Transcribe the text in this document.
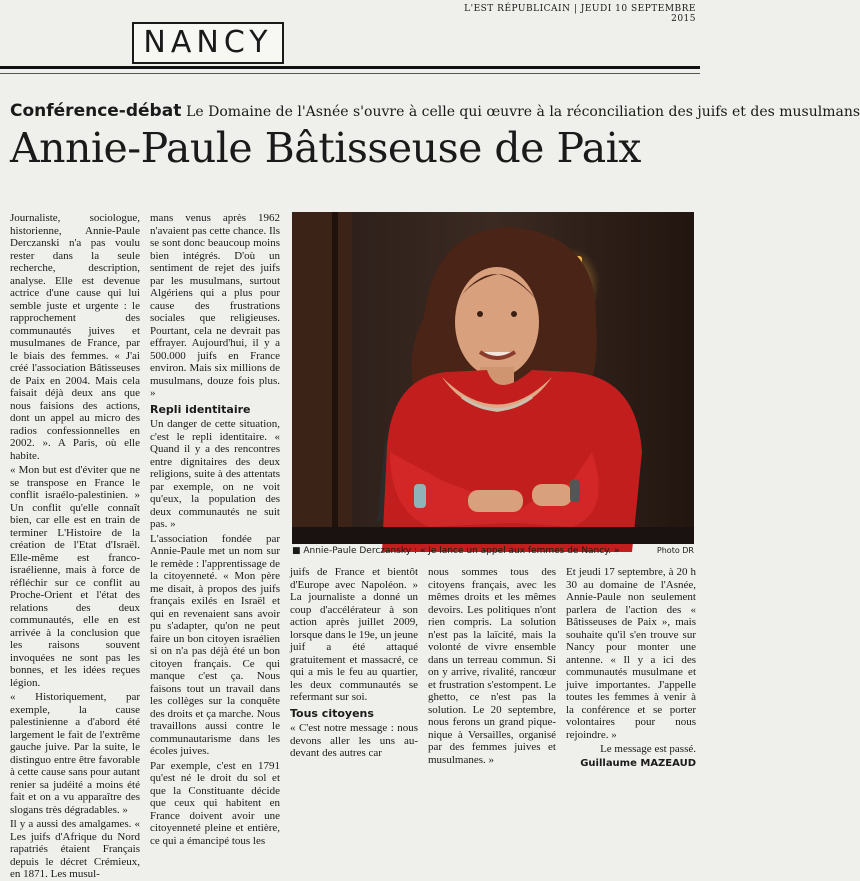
L'EST RÉPUBLICAIN | JEUDI 10 SEPTEMBRE 2015
NANCY
Conférence-débat Le Domaine de l'Asnée s'ouvre à celle qui œuvre à la réconciliation des juifs et des musulmans
Annie-Paule Bâtisseuse de Paix

Journaliste, sociologue, historienne, Annie-Paule Derczanski n'a pas voulu rester dans la seule recherche, description, analyse. Elle est devenue actrice d'une cause qui lui semble juste et urgente : le rapprochement des communautés juives et musulmanes de France, par le biais des femmes. « J'ai créé l'association Bâtisseuses de Paix en 2004. Mais cela faisait déjà deux ans que nous faisions des actions, dont un appel au micro des radios confessionnelles en 2002. ». A Paris, où elle habite.

« Mon but est d'éviter que ne se transpose en France le conflit israélo-palestinien. » Un conflit qu'elle connaît bien, car elle est en train de terminer L'Histoire de la création de l'Etat d'Israël. Elle-même est franco-israélienne, mais à force de réfléchir sur ce conflit au Proche-Orient et l'état des relations des deux communautés, elle en est arrivée à la conclusion que les raisons souvent invoquées ne sont pas les bonnes, et les idées reçues légion.

« Historiquement, par exemple, la cause palestinienne a d'abord été largement le fait de l'extrême gauche juive. Par la suite, le distinguo entre être favorable à cette cause sans pour autant renier sa judéité a moins été fait et on a vu apparaître des slogans très dégradables. »

Il y a aussi des amalgames. « Les juifs d'Afrique du Nord rapatriés étaient Français depuis le décret Crémieux, en 1871. Les musul-

mans venus après 1962 n'avaient pas cette chance. Ils se sont donc beaucoup moins bien intégrés. D'où un sentiment de rejet des juifs par les musulmans, surtout Algériens qui a plus pour cause des frustrations sociales que religieuses. Pourtant, cela ne devrait pas effrayer. Aujourd'hui, il y a 500.000 juifs en France environ. Mais six millions de musulmans, douze fois plus. »

Repli identitaire

Un danger de cette situation, c'est le repli identitaire. « Quand il y a des rencontres entre dignitaires des deux religions, suite à des attentats par exemple, on ne voit qu'eux, la population des deux communautés ne suit pas. »

L'association fondée par Annie-Paule met un nom sur le remède : l'apprentissage de la citoyenneté. « Mon père me disait, à propos des juifs français exilés en Israël et qui en revenaient sans avoir pu s'adapter, qu'on ne peut faire un bon citoyen israélien si on n'a pas déjà été un bon citoyen français. Ce qui manque c'est ça. Nous faisons tout un travail dans les collèges sur la conquête des droits et ça marche. Nous travaillons aussi contre le communautarisme dans les écoles juives.

Par exemple, c'est en 1791 qu'est né le droit du sol et que la Constituante décide que ceux qui habitent en France doivent avoir une citoyenneté pleine et entière, ce qui a émancipé tous les

■ Annie-Paule Derczansky : « Je lance un appel aux femmes de Nancy. »	Photo DR

juifs de France et bientôt d'Europe avec Napoléon. » La journaliste a donné un coup d'accélérateur à son action après juillet 2009, lorsque dans le 19e, un jeune juif a été attaqué gratuitement et massacré, ce qui a mis le feu au quartier, les deux communautés se refermant sur soi.

Tous citoyens

« C'est notre message : nous devons aller les uns au-devant des autres car

nous sommes tous des citoyens français, avec les mêmes droits et les mêmes devoirs. Les politiques n'ont rien compris. La solution n'est pas la laïcité, mais la volonté de vivre ensemble dans un terreau commun. Si on y arrive, rivalité, rancœur et frustration s'estompent. Le ghetto, ce n'est pas la solution. Le 20 septembre, nous ferons un grand pique-nique à Versailles, organisé par des femmes juives et musulmanes. »

Et jeudi 17 septembre, à 20 h 30 au domaine de l'Asnée, Annie-Paule non seulement parlera de l'action des « Bâtisseuses de Paix », mais souhaite qu'il s'en trouve sur Nancy pour monter une antenne. « Il y a ici des communautés musulmane et juive importantes. J'appelle toutes les femmes à venir à la conférence et se porter volontaires pour nous rejoindre. »

Le message est passé.

Guillaume MAZEAUD
